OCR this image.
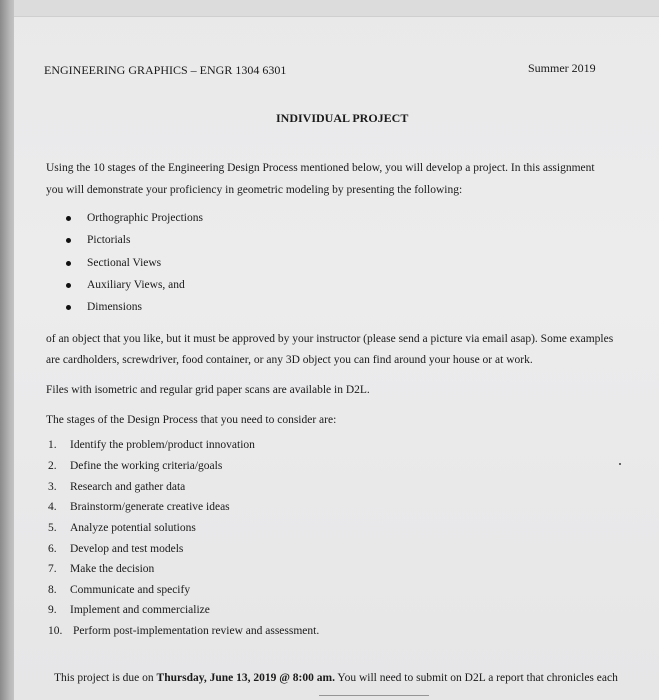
ENGINEERING GRAPHICS – ENGR 1304 6301	Summer 2019
INDIVIDUAL PROJECT
Using the 10 stages of the Engineering Design Process mentioned below, you will develop a project. In this assignment
you will demonstrate your proficiency in geometric modeling by presenting the following:
Orthographic Projections
Pictorials
Sectional Views
Auxiliary Views, and
Dimensions
of an object that you like, but it must be approved by your instructor (please send a picture via email asap). Some examples
are cardholders, screwdriver, food container, or any 3D object you can find around your house or at work.
Files with isometric and regular grid paper scans are available in D2L.
The stages of the Design Process that you need to consider are:
1. Identify the problem/product innovation
2. Define the working criteria/goals
3. Research and gather data
4. Brainstorm/generate creative ideas
5. Analyze potential solutions
6. Develop and test models
7. Make the decision
8. Communicate and specify
9. Implement and commercialize
10. Perform post-implementation review and assessment.
This project is due on Thursday, June 13, 2019 @ 8:00 am. You will need to submit on D2L a report that chronicles each
